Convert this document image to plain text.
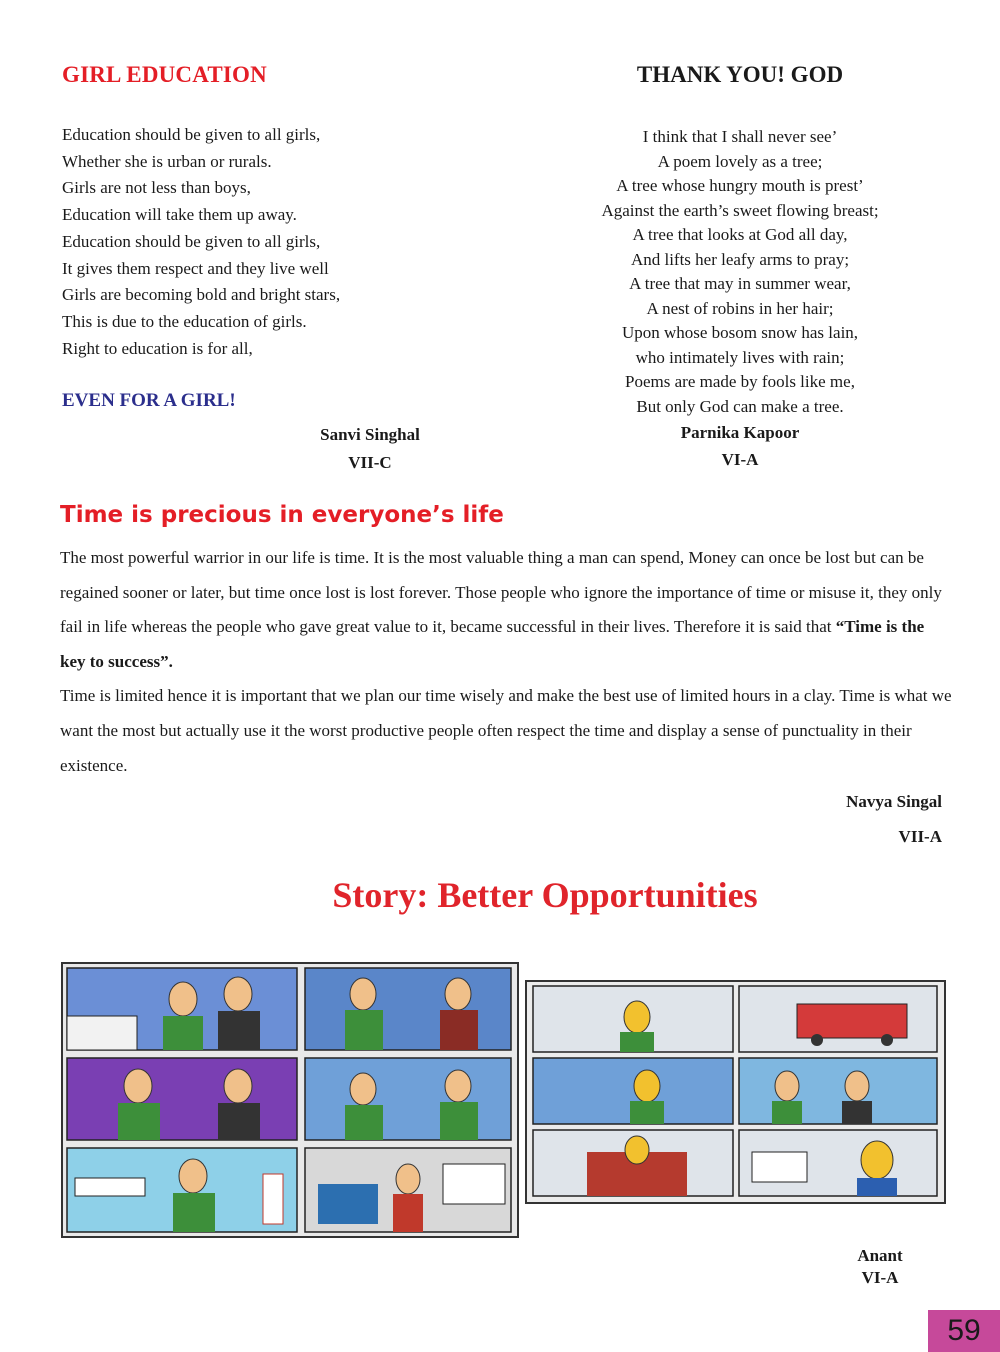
GIRL EDUCATION
Education should be given to all girls,
Whether she is urban or rurals.
Girls are not less than boys,
Education will take them up away.
Education should be given to all girls,
It gives them respect and they live well
Girls are becoming bold and bright stars,
This is due to the education of girls.
Right to education is for all,
EVEN FOR A GIRL!
Sanvi Singhal
VII-C
THANK YOU! GOD
I think that I shall never see’
A poem lovely as a tree;
A tree whose hungry mouth is prest’
Against the earth’s sweet flowing breast;
A tree that looks at God all day,
And lifts her leafy arms to pray;
A tree that may in summer wear,
A nest of robins in her hair;
Upon whose bosom snow has lain,
who intimately lives with rain;
Poems are made by fools like me,
But only God can make a tree.
Parnika Kapoor
VI-A
Time is precious in everyone’s life
The most powerful warrior in our life is time. It is the most valuable thing a man can spend, Money can once be lost but can be regained sooner or later, but time once lost is lost forever. Those people who ignore the importance of time or misuse it, they only fail in life whereas the people who gave great value to it, became successful in their lives. Therefore it is said that “Time is the key to success”.
Time is limited hence it is important that we plan our time wisely and make the best use of limited hours in a clay. Time is what we want the most but actually use it the worst productive people often respect the time and display a sense of punctuality in their existence.
Navya Singal
VII-A
Story: Better Opportunities
Anant
VI-A
59
